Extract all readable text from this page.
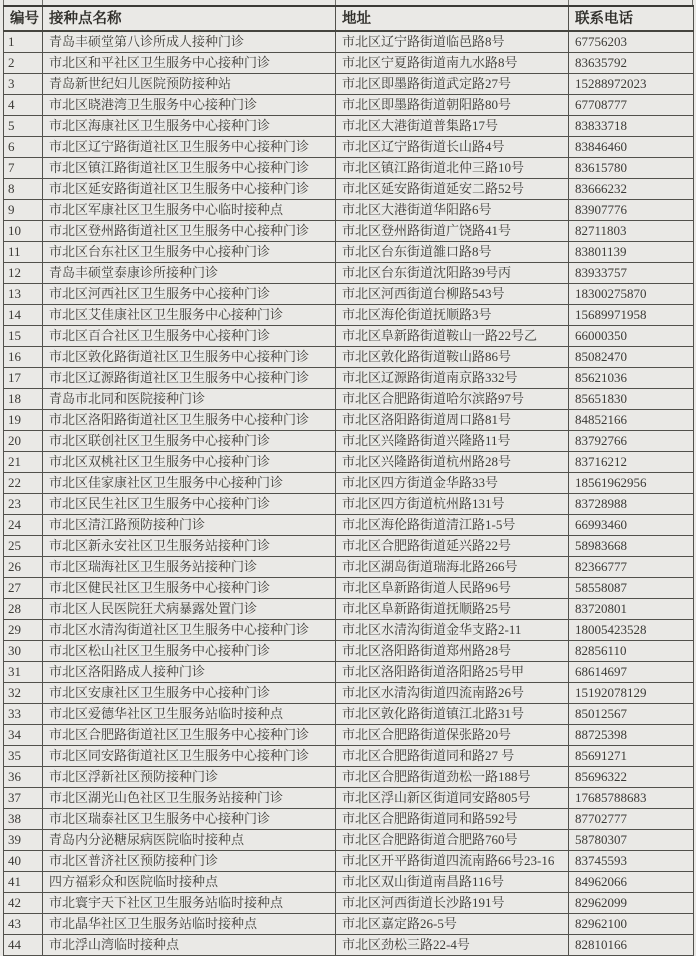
编号	接种点名称	地址	联系电话
1	青岛丰硕堂第八诊所成人接种门诊	市北区辽宁路街道临邑路8号	67756203
2	市北区和平社区卫生服务中心接种门诊	市北区宁夏路街道南九水路8号	83635792
3	青岛新世纪妇儿医院预防接种站	市北区即墨路街道武定路27号	15288972023
4	市北区晓港湾卫生服务中心接种门诊	市北区即墨路街道朝阳路80号	67708777
5	市北区海康社区卫生服务中心接种门诊	市北区大港街道普集路17号	83833718
6	市北区辽宁路街道社区卫生服务中心接种门诊	市北区辽宁路街道长山路4号	83846460
7	市北区镇江路街道社区卫生服务中心接种门诊	市北区镇江路街道北仲三路10号	83615780
8	市北区延安路街道社区卫生服务中心接种门诊	市北区延安路街道延安二路52号	83666232
9	市北区军康社区卫生服务中心临时接种点	市北区大港街道华阳路6号	83907776
10	市北区登州路街道社区卫生服务中心接种门诊	市北区登州路街道广饶路41号	82711803
11	市北区台东社区卫生服务中心接种门诊	市北区台东街道雒口路8号	83801139
12	青岛丰硕堂泰康诊所接种门诊	市北区台东街道沈阳路39号丙	83933757
13	市北区河西社区卫生服务中心接种门诊	市北区河西街道台柳路543号	18300275870
14	市北区艾佳康社区卫生服务中心接种门诊	市北区海伦街道抚顺路3号	15689971958
15	市北区百合社区卫生服务中心接种门诊	市北区阜新路街道鞍山一路22号乙	66000350
16	市北区敦化路街道社区卫生服务中心接种门诊	市北区敦化路街道鞍山路86号	85082470
17	市北区辽源路街道社区卫生服务中心接种门诊	市北区辽源路街道南京路332号	85621036
18	青岛市北同和医院接种门诊	市北区合肥路街道哈尔滨路97号	85651830
19	市北区洛阳路街道社区卫生服务中心接种门诊	市北区洛阳路街道周口路81号	84852166
20	市北区联创社区卫生服务中心接种门诊	市北区兴隆路街道兴隆路11号	83792766
21	市北区双桃社区卫生服务中心接种门诊	市北区兴隆路街道杭州路28号	83716212
22	市北区佳家康社区卫生服务中心接种门诊	市北区四方街道金华路33号	18561962956
23	市北区民生社区卫生服务中心接种门诊	市北区四方街道杭州路131号	83728988
24	市北区清江路预防接种门诊	市北区海伦路街道清江路1-5号	66993460
25	市北区新永安社区卫生服务站接种门诊	市北区合肥路街道延兴路22号	58983668
26	市北区瑞海社区卫生服务站接种门诊	市北区湖岛街道瑞海北路266号	82366777
27	市北区健民社区卫生服务中心接种门诊	市北区阜新路街道人民路96号	58558087
28	市北区人民医院狂犬病暴露处置门诊	市北区阜新路街道抚顺路25号	83720801
29	市北区水清沟街道社区卫生服务中心接种门诊	市北区水清沟街道金华支路2-11	18005423528
30	市北区松山社区卫生服务中心接种门诊	市北区洛阳路街道郑州路28号	82856110
31	市北区洛阳路成人接种门诊	市北区洛阳路街道洛阳路25号甲	68614697
32	市北区安康社区卫生服务中心接种门诊	市北区水清沟街道四流南路26号	15192078129
33	市北区爱德华社区卫生服务站临时接种点	市北区敦化路街道镇江北路31号	85012567
34	市北区合肥路街道社区卫生服务中心接种门诊	市北区合肥路街道保张路20号	88725398
35	市北区同安路街道社区卫生服务中心接种门诊	市北区合肥路街道同和路27 号	85691271
36	市北区浮新社区预防接种门诊	市北区合肥路街道劲松一路188号	85696322
37	市北区湖光山色社区卫生服务站接种门诊	市北区浮山新区街道同安路805号	17685788683
38	市北区瑞泰社区卫生服务中心接种门诊	市北区合肥路街道同和路592号	87702777
39	青岛内分泌糖尿病医院临时接种点	市北区合肥路街道合肥路760号	58780307
40	市北区普济社区预防接种门诊	市北区开平路街道四流南路66号23-16	83745593
41	四方福彩众和医院临时接种点	市北区双山街道南昌路116号	84962066
42	市北寰宇天下社区卫生服务站临时接种点	市北区河西街道长沙路191号	82962099
43	市北晶华社区卫生服务站临时接种点	市北区嘉定路26-5号	82962100
44	市北浮山湾临时接种点	市北区劲松三路22-4号	82810166
